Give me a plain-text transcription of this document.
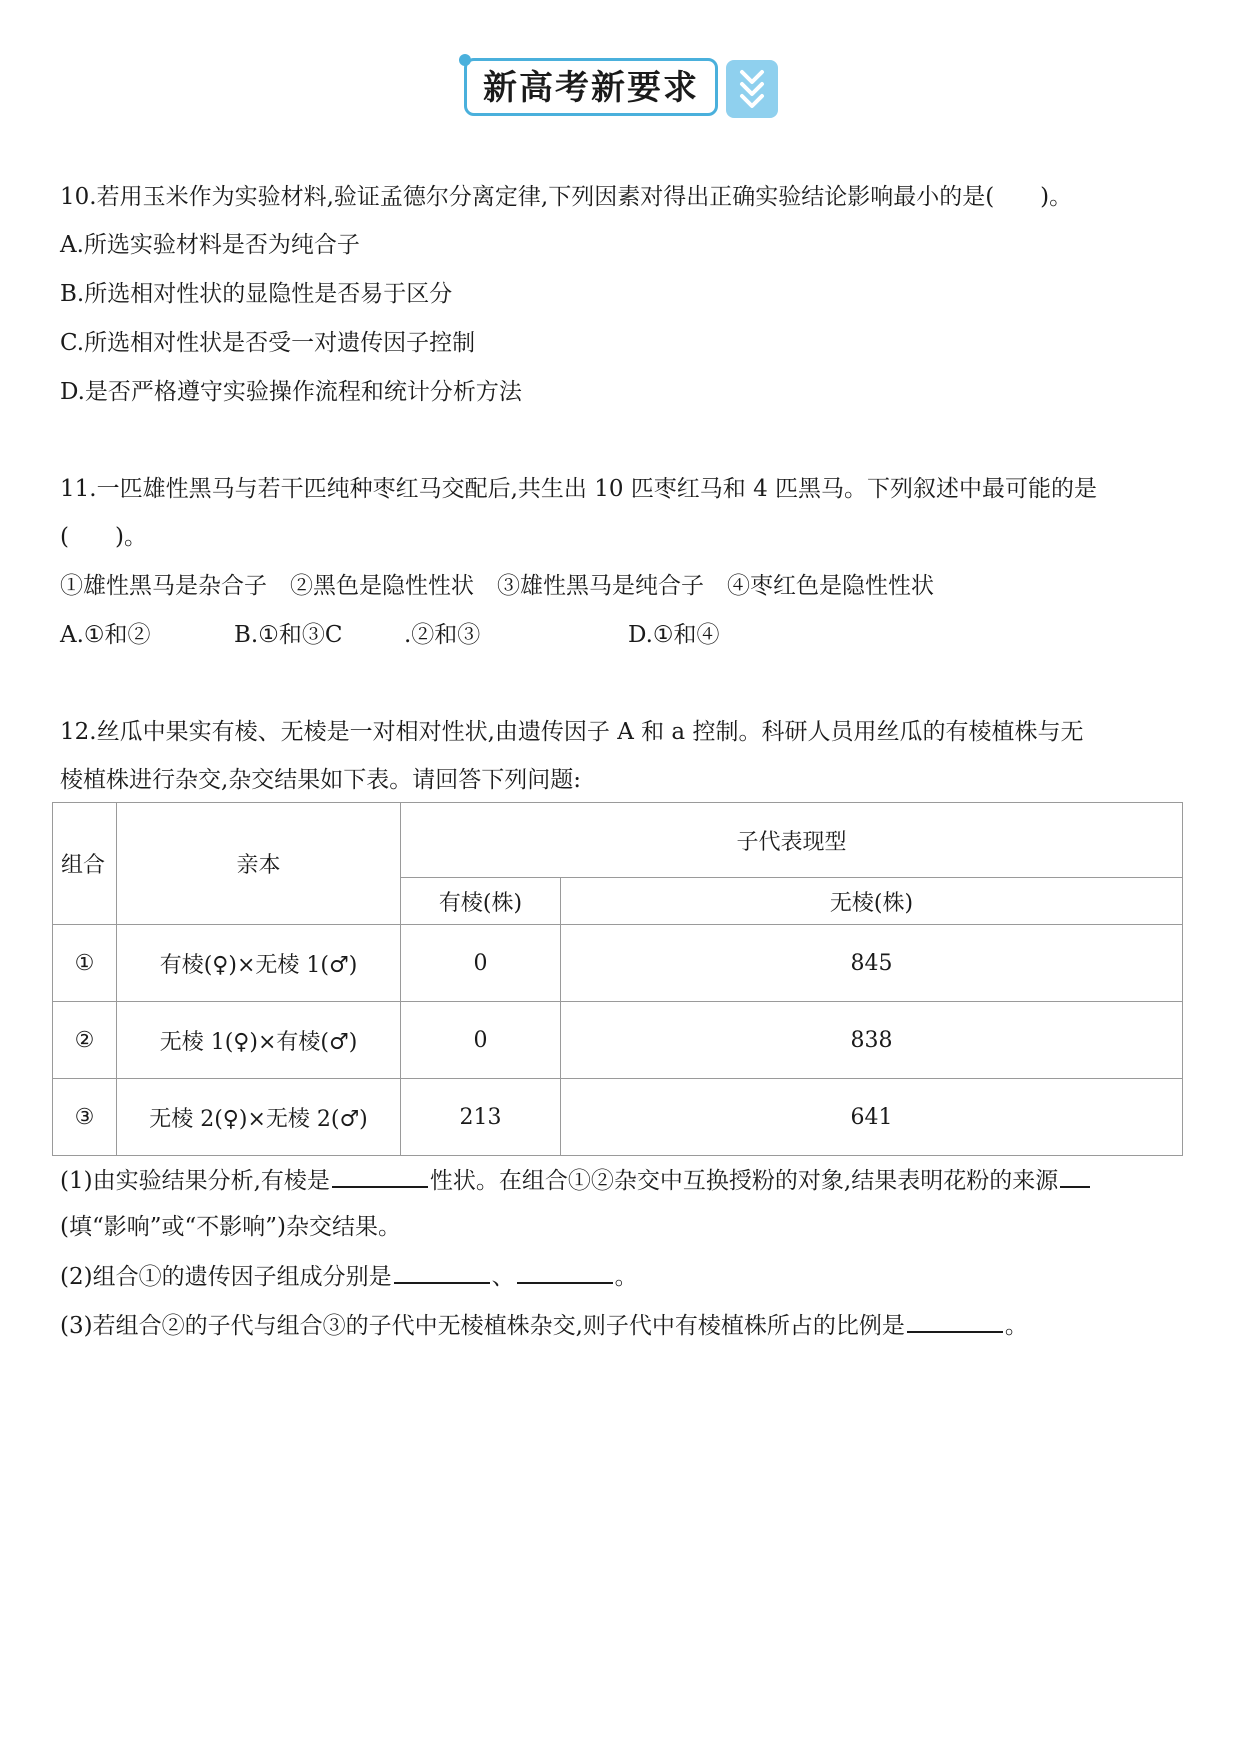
新高考新要求
10.若用玉米作为实验材料,验证孟德尔分离定律,下列因素对得出正确实验结论影响最小的是(　　)。
A.所选实验材料是否为纯合子
B.所选相对性状的显隐性是否易于区分
C.所选相对性状是否受一对遗传因子控制
D.是否严格遵守实验操作流程和统计分析方法
11.一匹雄性黑马与若干匹纯种枣红马交配后,共生出 10 匹枣红马和 4 匹黑马。下列叙述中最可能的是
(　　)。
①雄性黑马是杂合子　②黑色是隐性性状　③雄性黑马是纯合子　④枣红色是隐性性状
A.①和②	B.①和③C	.②和③	D.①和④
12.丝瓜中果实有棱、无棱是一对相对性状,由遗传因子 A 和 a 控制。科研人员用丝瓜的有棱植株与无
棱植株进行杂交,杂交结果如下表。请回答下列问题:
组合	亲本	子代表现型	
		有棱(株)	无棱(株)
①	有棱(♀)×无棱 1(♂)	0	845
②	无棱 1(♀)×有棱(♂)	0	838
③	无棱 2(♀)×无棱 2(♂)	213	641
(1)由实验结果分析,有棱是	性状。在组合①②杂交中互换授粉的对象,结果表明花粉的来源
(填“影响”或“不影响”)杂交结果。
(2)组合①的遗传因子组成分别是	、	。
(3)若组合②的子代与组合③的子代中无棱植株杂交,则子代中有棱植株所占的比例是	。
